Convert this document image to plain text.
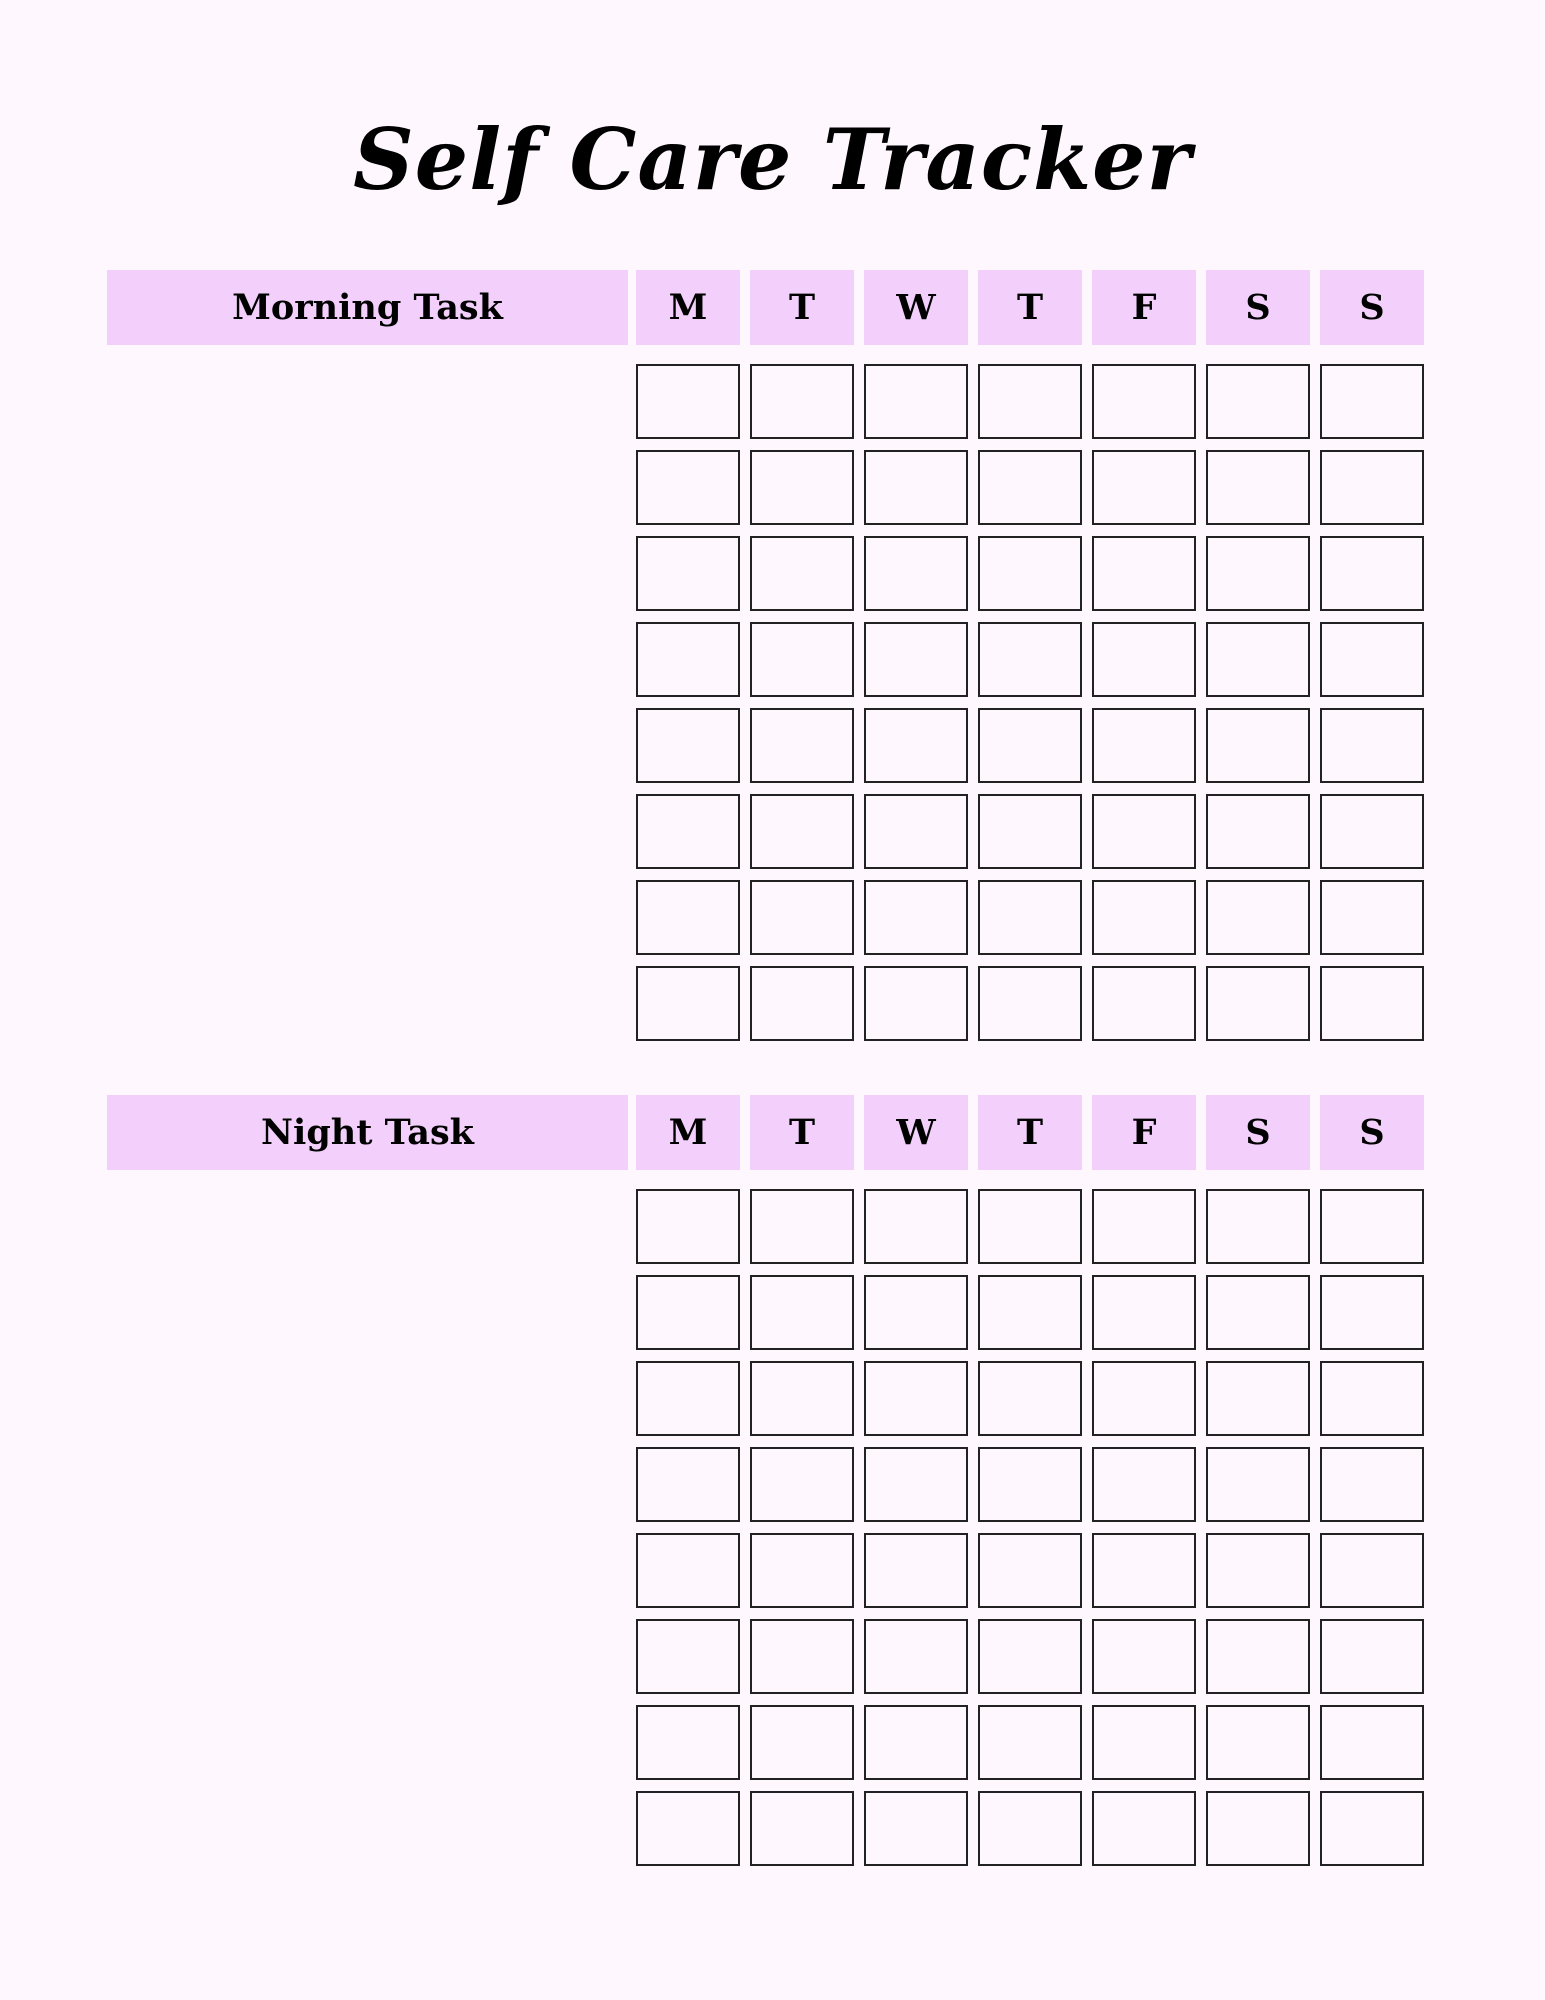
Self Care Tracker
Morning Task	M	T	W	T	F	S	S
Night Task	M	T	W	T	F	S	S
